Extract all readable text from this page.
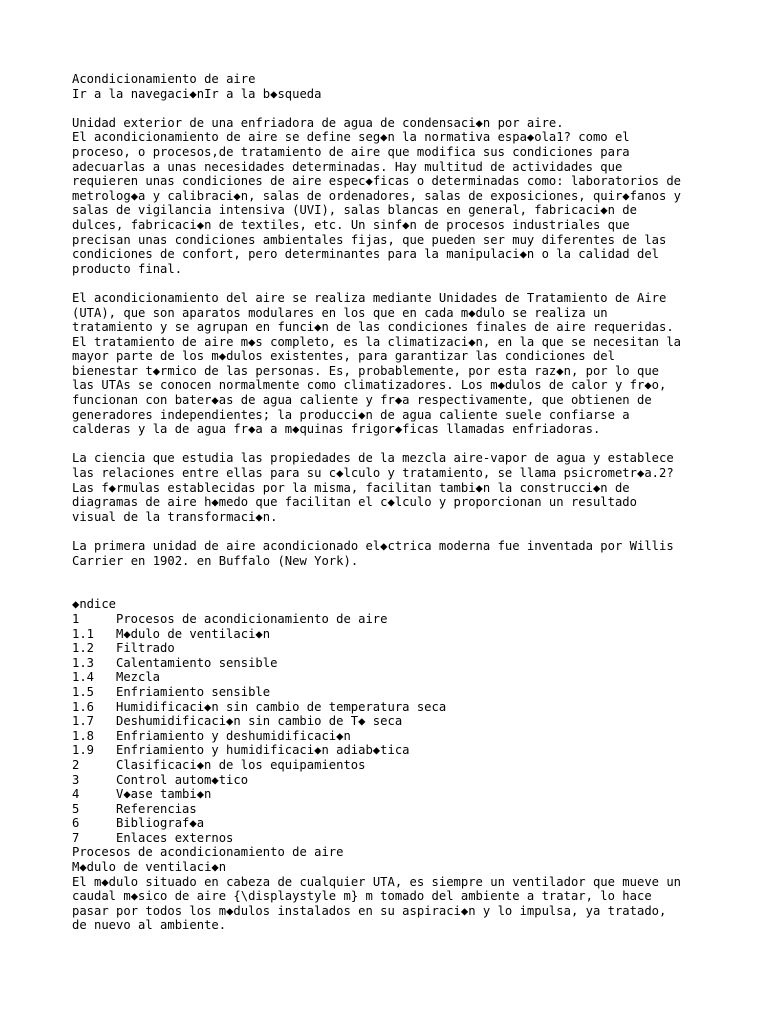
Acondicionamiento de aire
Ir a la navegaci◆nIr a la b◆squeda
Unidad exterior de una enfriadora de agua de condensaci◆n por aire.
El acondicionamiento de aire se define seg◆n la normativa espa◆ola1? como el
proceso, o procesos,de tratamiento de aire que modifica sus condiciones para
adecuarlas a unas necesidades determinadas. Hay multitud de actividades que
requieren unas condiciones de aire espec◆ficas o determinadas como: laboratorios de
metrolog◆a y calibraci◆n, salas de ordenadores, salas de exposiciones, quir◆fanos y
salas de vigilancia intensiva (UVI), salas blancas en general, fabricaci◆n de
dulces, fabricaci◆n de textiles, etc. Un sinf◆n de procesos industriales que
precisan unas condiciones ambientales fijas, que pueden ser muy diferentes de las
condiciones de confort, pero determinantes para la manipulaci◆n o la calidad del
producto final.
El acondicionamiento del aire se realiza mediante Unidades de Tratamiento de Aire
(UTA), que son aparatos modulares en los que en cada m◆dulo se realiza un
tratamiento y se agrupan en funci◆n de las condiciones finales de aire requeridas.
El tratamiento de aire m◆s completo, es la climatizaci◆n, en la que se necesitan la
mayor parte de los m◆dulos existentes, para garantizar las condiciones del
bienestar t◆rmico de las personas. Es, probablemente, por esta raz◆n, por lo que
las UTAs se conocen normalmente como climatizadores. Los m◆dulos de calor y fr◆o,
funcionan con bater◆as de agua caliente y fr◆a respectivamente, que obtienen de
generadores independientes; la producci◆n de agua caliente suele confiarse a
calderas y la de agua fr◆a a m◆quinas frigor◆ficas llamadas enfriadoras.
La ciencia que estudia las propiedades de la mezcla aire-vapor de agua y establece
las relaciones entre ellas para su c◆lculo y tratamiento, se llama psicrometr◆a.2?
Las f◆rmulas establecidas por la misma, facilitan tambi◆n la construcci◆n de
diagramas de aire h◆medo que facilitan el c◆lculo y proporcionan un resultado
visual de la transformaci◆n.
La primera unidad de aire acondicionado el◆ctrica moderna fue inventada por Willis
Carrier en 1902. en Buffalo (New York).
◆ndice
1	Procesos de acondicionamiento de aire
1.1	M◆dulo de ventilaci◆n
1.2	Filtrado
1.3	Calentamiento sensible
1.4	Mezcla
1.5	Enfriamiento sensible
1.6	Humidificaci◆n sin cambio de temperatura seca
1.7	Deshumidificaci◆n sin cambio de T◆ seca
1.8	Enfriamiento y deshumidificaci◆n
1.9	Enfriamiento y humidificaci◆n adiab◆tica
2	Clasificaci◆n de los equipamientos
3	Control autom◆tico
4	V◆ase tambi◆n
5	Referencias
6	Bibliograf◆a
7	Enlaces externos
Procesos de acondicionamiento de aire
M◆dulo de ventilaci◆n
El m◆dulo situado en cabeza de cualquier UTA, es siempre un ventilador que mueve un
caudal m◆sico de aire {\displaystyle m} m tomado del ambiente a tratar, lo hace
pasar por todos los m◆dulos instalados en su aspiraci◆n y lo impulsa, ya tratado,
de nuevo al ambiente.
